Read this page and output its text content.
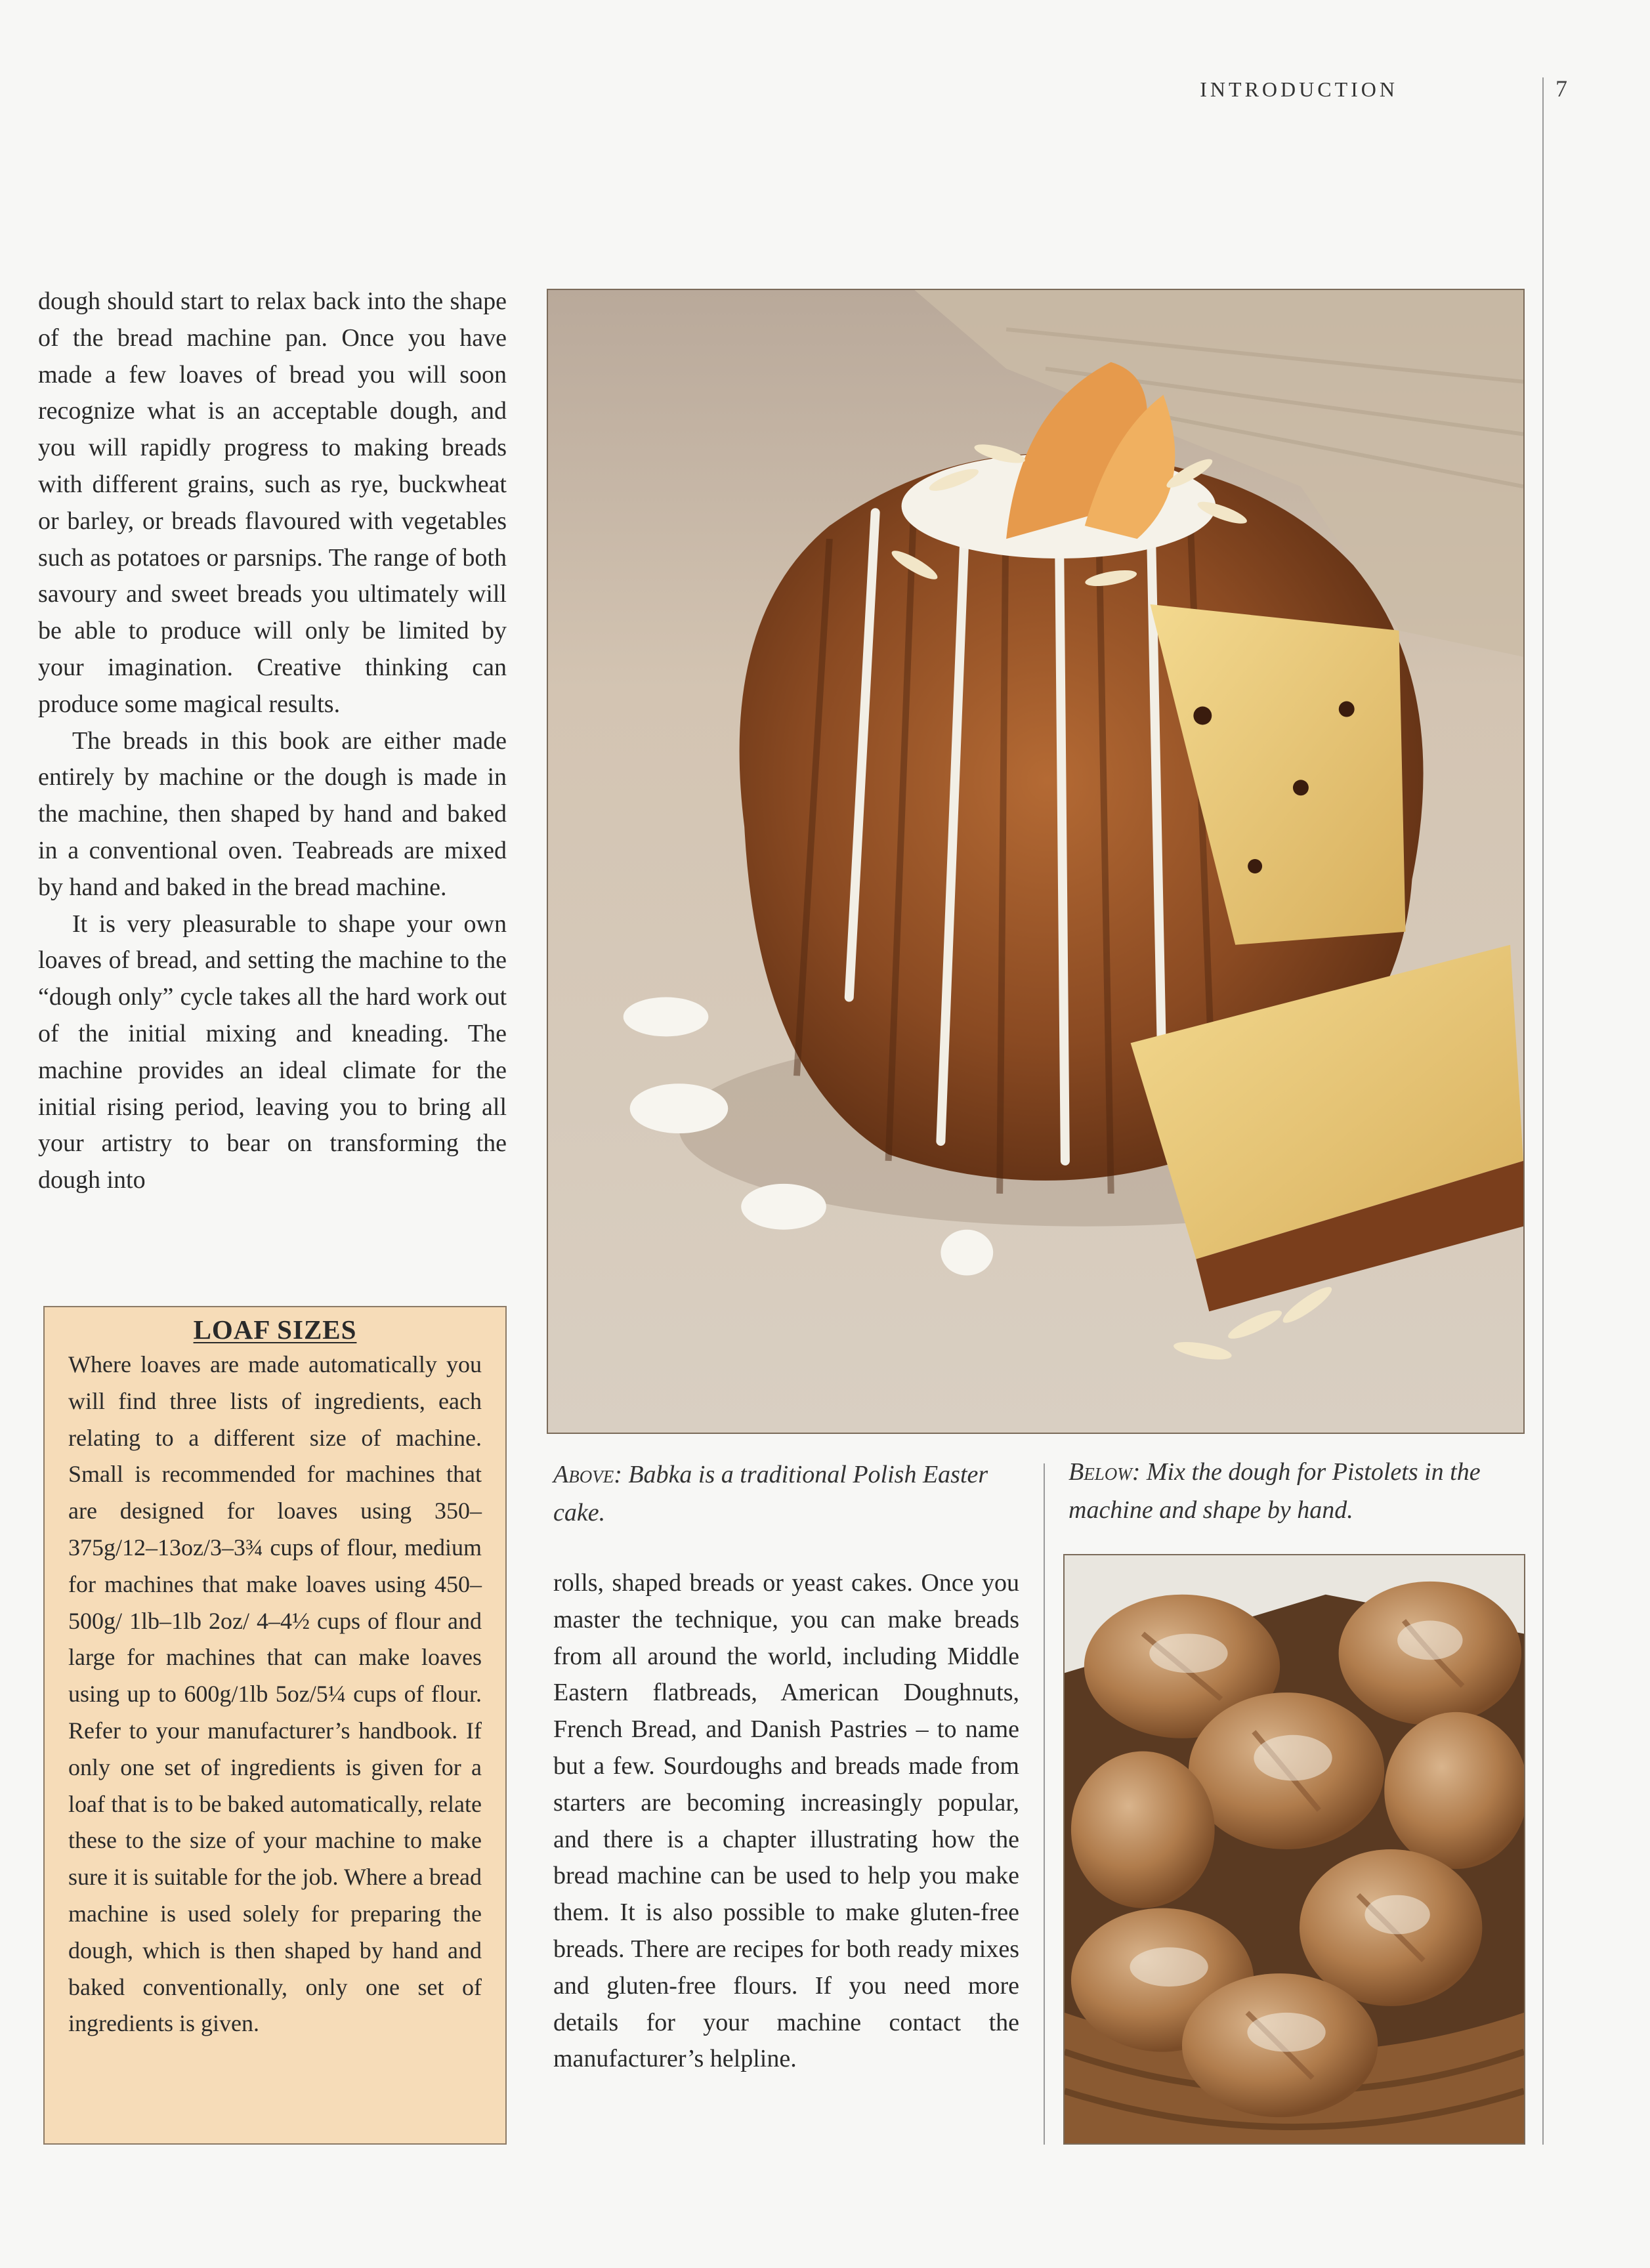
INTRODUCTION	7

dough should start to relax back into the shape of the bread machine pan. Once you have made a few loaves of bread you will soon recognize what is an acceptable dough, and you will rapidly progress to making breads with different grains, such as rye, buckwheat or barley, or breads flavoured with vegetables such as potatoes or parsnips. The range of both savoury and sweet breads you ultimately will be able to produce will only be limited by your imagination. Creative thinking can produce some magical results.

The breads in this book are either made entirely by machine or the dough is made in the machine, then shaped by hand and baked in a conventional oven. Teabreads are mixed by hand and baked in the bread machine.

It is very pleasurable to shape your own loaves of bread, and setting the machine to the “dough only” cycle takes all the hard work out of the initial mixing and kneading. The machine provides an ideal climate for the initial rising period, leaving you to bring all your artistry to bear on transforming the dough into

LOAF SIZES
Where loaves are made automatically you will find three lists of ingredients, each relating to a different size of machine. Small is recommended for machines that are designed for loaves using 350–375g/12–13oz/3–3¾ cups of flour, medium for machines that make loaves using 450–500g/ 1lb–1lb 2oz/ 4–4½ cups of flour and large for machines that can make loaves using up to 600g/1lb 5oz/5¼ cups of flour. Refer to your manufacturer’s handbook. If only one set of ingredients is given for a loaf that is to be baked automatically, relate these to the size of your machine to make sure it is suitable for the job. Where a bread machine is used solely for preparing the dough, which is then shaped by hand and baked conventionally, only one set of ingredients is given.
Above: Babka is a traditional Polish Easter cake.
Below: Mix the dough for Pistolets in the machine and shape by hand.

rolls, shaped breads or yeast cakes. Once you master the technique, you can make breads from all around the world, including Middle Eastern flatbreads, American Doughnuts, French Bread, and Danish Pastries – to name but a few. Sourdoughs and breads made from starters are becoming increasingly popular, and there is a chapter illustrating how the bread machine can be used to help you make them. It is also possible to make gluten-free breads. There are recipes for both ready mixes and gluten-free flours. If you need more details for your machine contact the manufacturer’s helpline.
